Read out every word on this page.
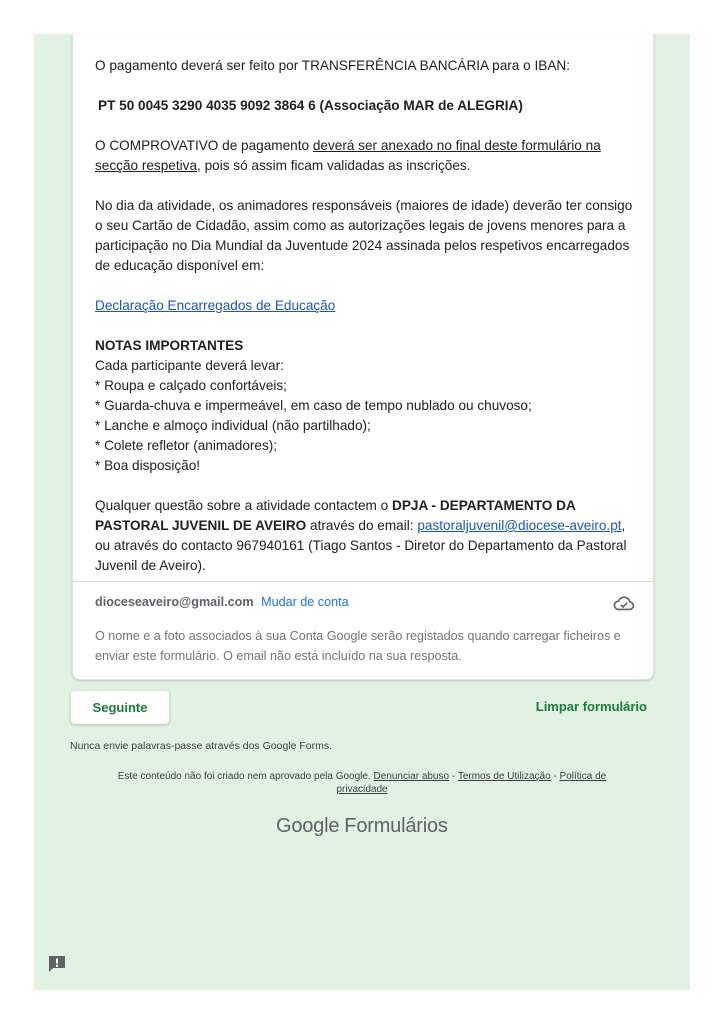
O pagamento deverá ser feito por TRANSFERÊNCIA BANCÁRIA para o IBAN:

PT 50 0045 3290 4035 9092 3864 6 (Associação MAR de ALEGRIA)

O COMPROVATIVO de pagamento deverá ser anexado no final deste formulário na secção respetiva, pois só assim ficam validadas as inscrições.

No dia da atividade, os animadores responsáveis (maiores de idade) deverão ter consigo o seu Cartão de Cidadão, assim como as autorizações legais de jovens menores para a participação no Dia Mundial da Juventude 2024 assinada pelos respetivos encarregados de educação disponível em:

Declaração Encarregados de Educação

NOTAS IMPORTANTES

Cada participante deverá levar:

* Roupa e calçado confortáveis;

* Guarda-chuva e impermeável, em caso de tempo nublado ou chuvoso;

* Lanche e almoço individual (não partilhado);

* Colete refletor (animadores);

* Boa disposição!

Qualquer questão sobre a atividade contactem o DPJA - DEPARTAMENTO DA PASTORAL JUVENIL DE AVEIRO através do email: pastoraljuvenil@diocese-aveiro.pt, ou através do contacto 967940161 (Tiago Santos - Diretor do Departamento da Pastoral Juvenil de Aveiro).

dioceseaveiro@gmail.com Mudar de conta
O nome e a foto associados à sua Conta Google serão registados quando carregar ficheiros e enviar este formulário. O email não está incluído na sua resposta.
Seguinte	Limpar formulário
Nunca envie palavras-passe através dos Google Forms.
Este conteúdo não foi criado nem aprovado pela Google. Denunciar abuso - Termos de Utilização - Política de privacidade
Google Formulários
